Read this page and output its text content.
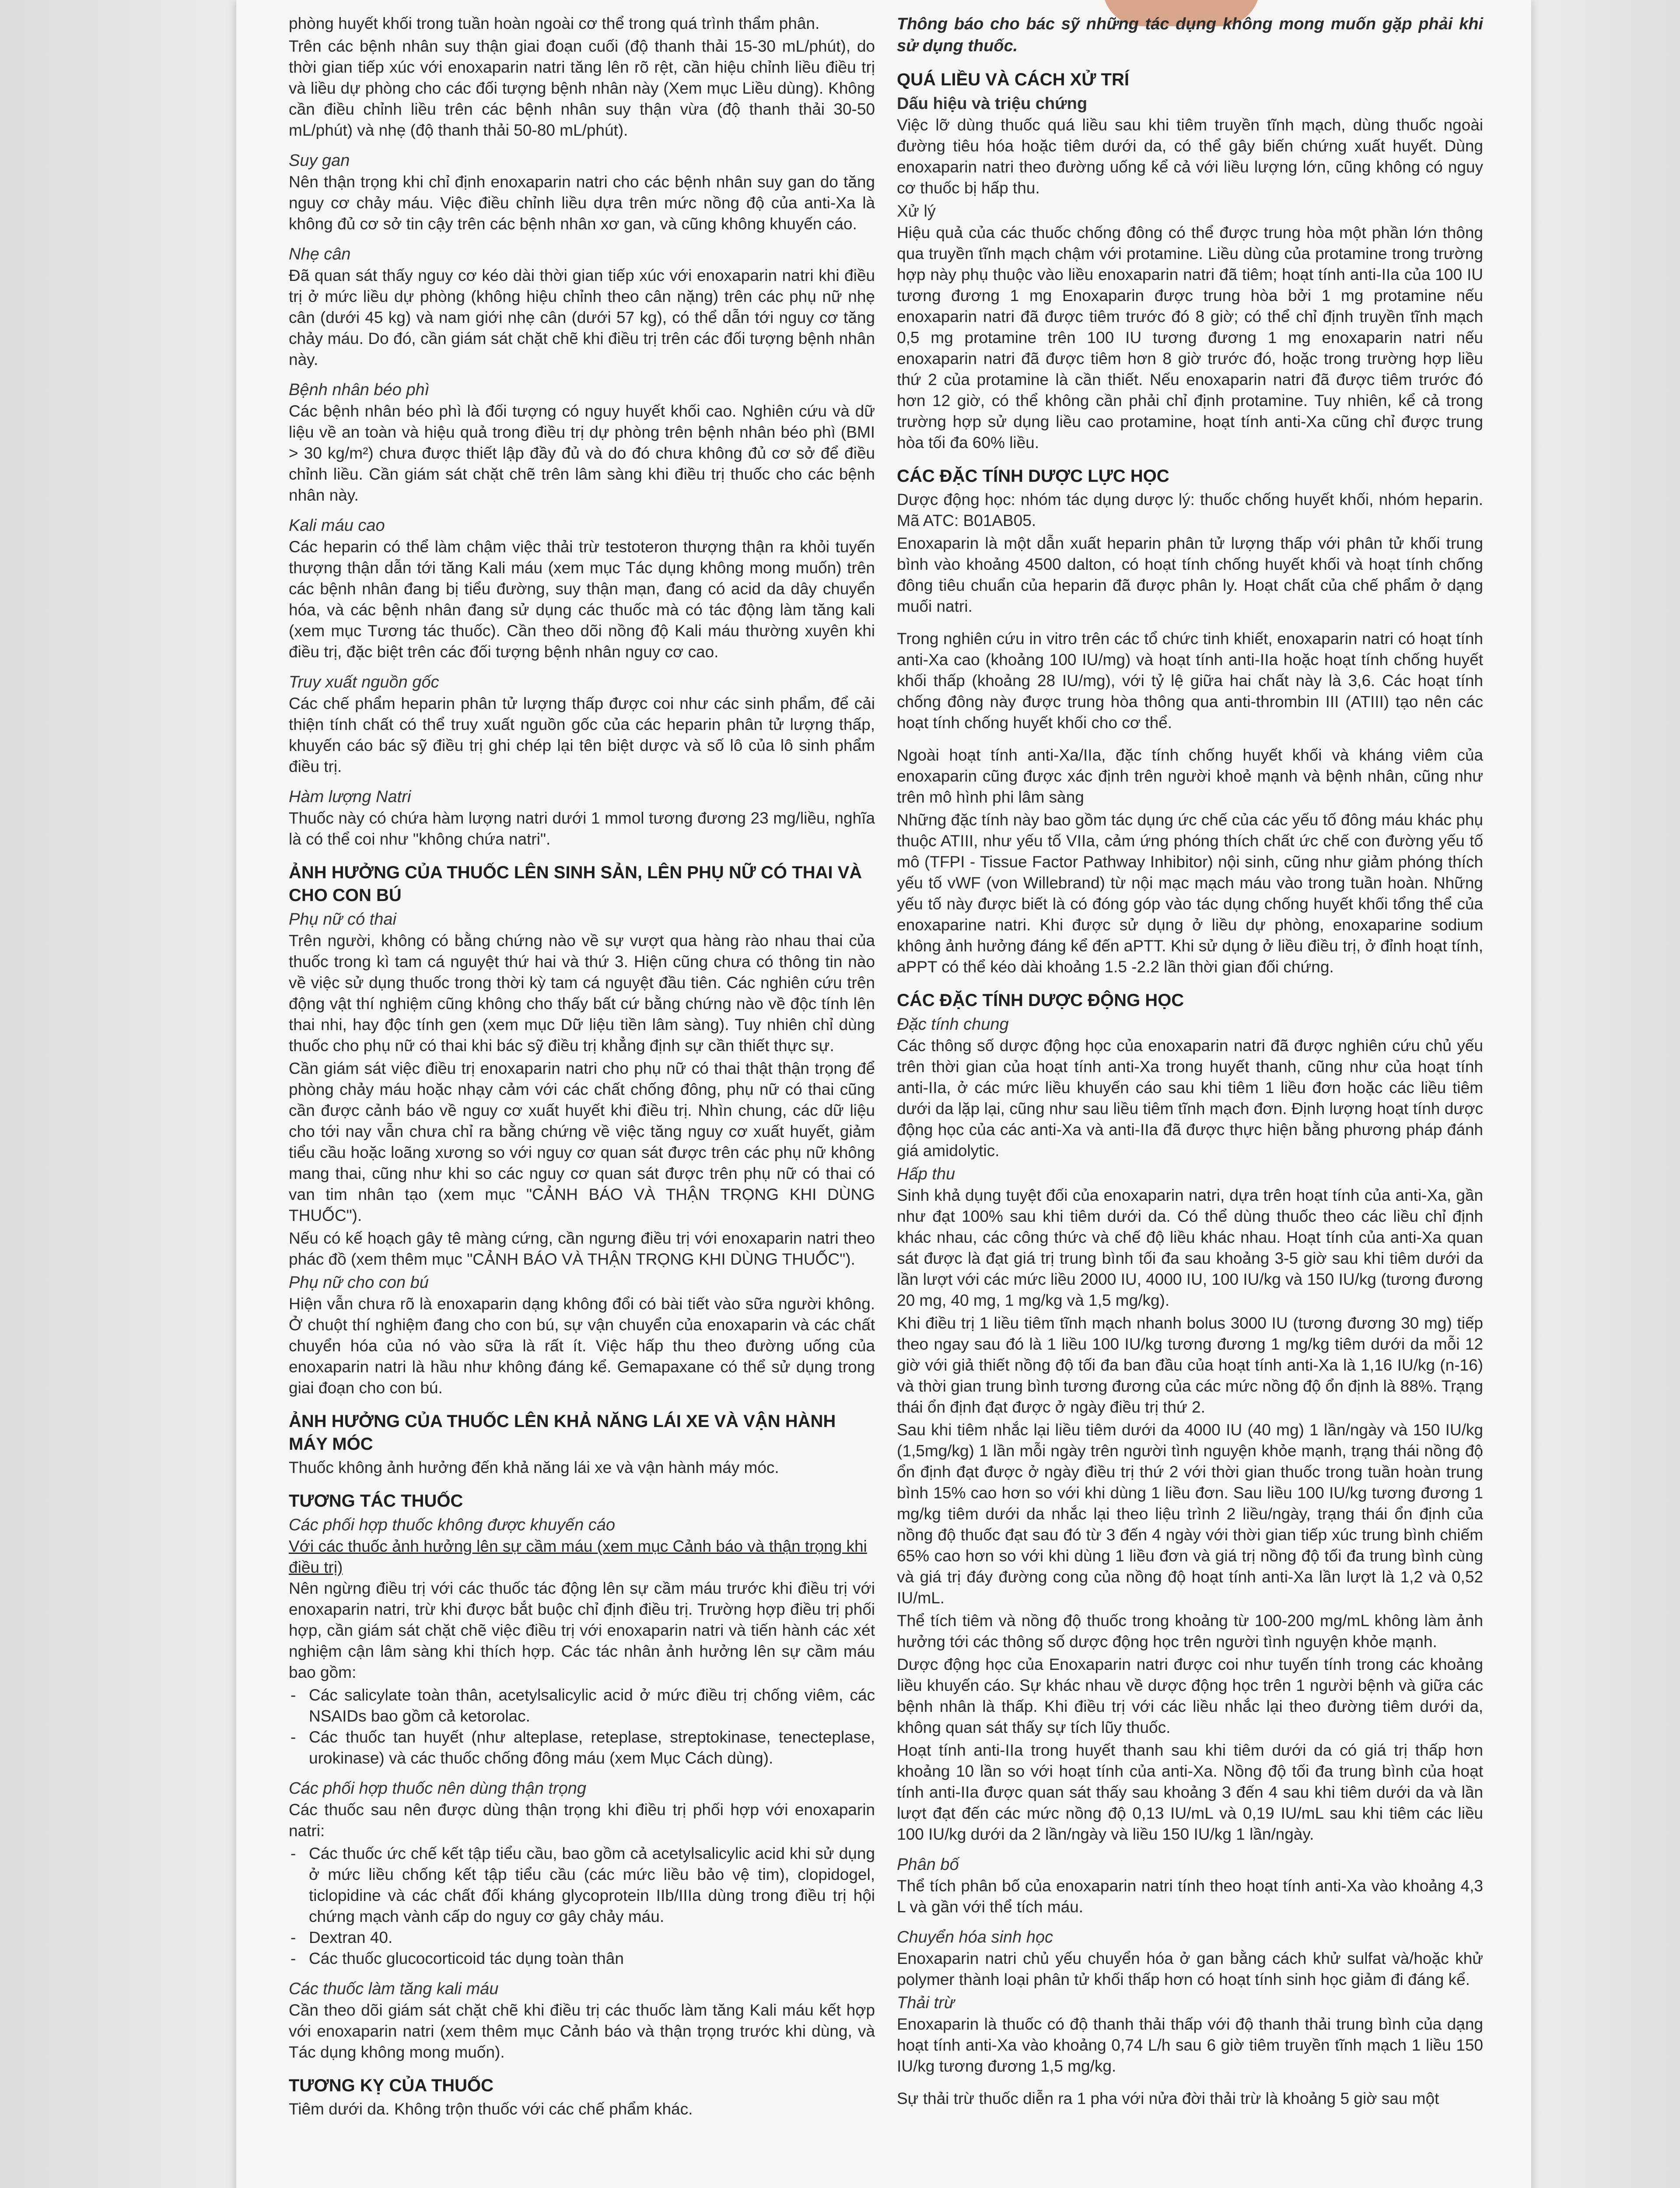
phòng huyết khối trong tuần hoàn ngoài cơ thể trong quá trình thẩm phân.

Trên các bệnh nhân suy thận giai đoạn cuối (độ thanh thải 15-30 mL/phút), do thời gian tiếp xúc với enoxaparin natri tăng lên rõ rệt, cần hiệu chỉnh liều điều trị và liều dự phòng cho các đối tượng bệnh nhân này (Xem mục Liều dùng). Không cần điều chỉnh liều trên các bệnh nhân suy thận vừa (độ thanh thải 30-50 mL/phút) và nhẹ (độ thanh thải 50-80 mL/phút).

Suy gan

Nên thận trọng khi chỉ định enoxaparin natri cho các bệnh nhân suy gan do tăng nguy cơ chảy máu. Việc điều chỉnh liều dựa trên mức nồng độ của anti-Xa là không đủ cơ sở tin cậy trên các bệnh nhân xơ gan, và cũng không khuyến cáo.

Nhẹ cân

Đã quan sát thấy nguy cơ kéo dài thời gian tiếp xúc với enoxaparin natri khi điều trị ở mức liều dự phòng (không hiệu chỉnh theo cân nặng) trên các phụ nữ nhẹ cân (dưới 45 kg) và nam giới nhẹ cân (dưới 57 kg), có thể dẫn tới nguy cơ tăng chảy máu. Do đó, cần giám sát chặt chẽ khi điều trị trên các đối tượng bệnh nhân này.

Bệnh nhân béo phì

Các bệnh nhân béo phì là đối tượng có nguy huyết khối cao. Nghiên cứu và dữ liệu về an toàn và hiệu quả trong điều trị dự phòng trên bệnh nhân béo phì (BMI > 30 kg/m²) chưa được thiết lập đầy đủ và do đó chưa không đủ cơ sở để điều chỉnh liều. Cần giám sát chặt chẽ trên lâm sàng khi điều trị thuốc cho các bệnh nhân này.

Kali máu cao

Các heparin có thể làm chậm việc thải trừ testoteron thượng thận ra khỏi tuyến thượng thận dẫn tới tăng Kali máu (xem mục Tác dụng không mong muốn) trên các bệnh nhân đang bị tiểu đường, suy thận mạn, đang có acid da dây chuyển hóa, và các bệnh nhân đang sử dụng các thuốc mà có tác động làm tăng kali (xem mục Tương tác thuốc). Cần theo dõi nồng độ Kali máu thường xuyên khi điều trị, đặc biệt trên các đối tượng bệnh nhân nguy cơ cao.

Truy xuất nguồn gốc

Các chế phẩm heparin phân tử lượng thấp được coi như các sinh phẩm, để cải thiện tính chất có thể truy xuất nguồn gốc của các heparin phân tử lượng thấp, khuyến cáo bác sỹ điều trị ghi chép lại tên biệt dược và số lô của lô sinh phẩm điều trị.

Hàm lượng Natri

Thuốc này có chứa hàm lượng natri dưới 1 mmol tương đương 23 mg/liều, nghĩa là có thể coi như "không chứa natri".

ẢNH HƯỞNG CỦA THUỐC LÊN SINH SẢN, LÊN PHỤ NỮ CÓ THAI VÀ CHO CON BÚ
Phụ nữ có thai

Trên người, không có bằng chứng nào về sự vượt qua hàng rào nhau thai của thuốc trong kì tam cá nguyệt thứ hai và thứ 3. Hiện cũng chưa có thông tin nào về việc sử dụng thuốc trong thời kỳ tam cá nguyệt đầu tiên. Các nghiên cứu trên động vật thí nghiệm cũng không cho thấy bất cứ bằng chứng nào về độc tính lên thai nhi, hay độc tính gen (xem mục Dữ liệu tiền lâm sàng). Tuy nhiên chỉ dùng thuốc cho phụ nữ có thai khi bác sỹ điều trị khẳng định sự cần thiết thực sự.

Cần giám sát việc điều trị enoxaparin natri cho phụ nữ có thai thật thận trọng để phòng chảy máu hoặc nhạy cảm với các chất chống đông, phụ nữ có thai cũng cần được cảnh báo về nguy cơ xuất huyết khi điều trị. Nhìn chung, các dữ liệu cho tới nay vẫn chưa chỉ ra bằng chứng về việc tăng nguy cơ xuất huyết, giảm tiểu cầu hoặc loãng xương so với nguy cơ quan sát được trên các phụ nữ không mang thai, cũng như khi so các nguy cơ quan sát được trên phụ nữ có thai có van tim nhân tạo (xem mục "CẢNH BÁO VÀ THẬN TRỌNG KHI DÙNG THUỐC").

Nếu có kế hoạch gây tê màng cứng, cần ngưng điều trị với enoxaparin natri theo phác đồ (xem thêm mục "CẢNH BÁO VÀ THẬN TRỌNG KHI DÙNG THUỐC").

Phụ nữ cho con bú

Hiện vẫn chưa rõ là enoxaparin dạng không đổi có bài tiết vào sữa người không. Ở chuột thí nghiệm đang cho con bú, sự vận chuyển của enoxaparin và các chất chuyển hóa của nó vào sữa là rất ít. Việc hấp thu theo đường uống của enoxaparin natri là hầu như không đáng kể. Gemapaxane có thể sử dụng trong giai đoạn cho con bú.

ẢNH HƯỞNG CỦA THUỐC LÊN KHẢ NĂNG LÁI XE VÀ VẬN HÀNH MÁY MÓC

Thuốc không ảnh hưởng đến khả năng lái xe và vận hành máy móc.

TƯƠNG TÁC THUỐC
Các phối hợp thuốc không được khuyến cáo
Với các thuốc ảnh hưởng lên sự cầm máu (xem mục Cảnh báo và thận trọng khi điều trị)

Nên ngừng điều trị với các thuốc tác động lên sự cầm máu trước khi điều trị với enoxaparin natri, trừ khi được bắt buộc chỉ định điều trị. Trường hợp điều trị phối hợp, cần giám sát chặt chẽ việc điều trị với enoxaparin natri và tiến hành các xét nghiệm cận lâm sàng khi thích hợp. Các tác nhân ảnh hưởng lên sự cầm máu bao gồm:

- Các salicylate toàn thân, acetylsalicylic acid ở mức điều trị chống viêm, các NSAIDs bao gồm cả ketorolac.
- Các thuốc tan huyết (như alteplase, reteplase, streptokinase, tenecteplase, urokinase) và các thuốc chống đông máu (xem Mục Cách dùng).
Các phối hợp thuốc nên dùng thận trọng

Các thuốc sau nên được dùng thận trọng khi điều trị phối hợp với enoxaparin natri:

- Các thuốc ức chế kết tập tiểu cầu, bao gồm cả acetylsalicylic acid khi sử dụng ở mức liều chống kết tập tiểu cầu (các mức liều bảo vệ tim), clopidogel, ticlopidine và các chất đối kháng glycoprotein IIb/IIIa dùng trong điều trị hội chứng mạch vành cấp do nguy cơ gây chảy máu.
- Dextran 40.
- Các thuốc glucocorticoid tác dụng toàn thân
Các thuốc làm tăng kali máu

Cần theo dõi giám sát chặt chẽ khi điều trị các thuốc làm tăng Kali máu kết hợp với enoxaparin natri (xem thêm mục Cảnh báo và thận trọng trước khi dùng, và Tác dụng không mong muốn).

TƯƠNG KỴ CỦA THUỐC

Tiêm dưới da. Không trộn thuốc với các chế phẩm khác.

Thông báo cho bác sỹ những tác dụng không mong muốn gặp phải khi sử dụng thuốc.

QUÁ LIỀU VÀ CÁCH XỬ TRÍ
Dấu hiệu và triệu chứng

Việc lỡ dùng thuốc quá liều sau khi tiêm truyền tĩnh mạch, dùng thuốc ngoài đường tiêu hóa hoặc tiêm dưới da, có thể gây biến chứng xuất huyết. Dùng enoxaparin natri theo đường uống kể cả với liều lượng lớn, cũng không có nguy cơ thuốc bị hấp thu.

Xử lý

Hiệu quả của các thuốc chống đông có thể được trung hòa một phần lớn thông qua truyền tĩnh mạch chậm với protamine. Liều dùng của protamine trong trường hợp này phụ thuộc vào liều enoxaparin natri đã tiêm; hoạt tính anti-IIa của 100 IU tương đương 1 mg Enoxaparin được trung hòa bởi 1 mg protamine nếu enoxaparin natri đã được tiêm trước đó 8 giờ; có thể chỉ định truyền tĩnh mạch 0,5 mg protamine trên 100 IU tương đương 1 mg enoxaparin natri nếu enoxaparin natri đã được tiêm hơn 8 giờ trước đó, hoặc trong trường hợp liều thứ 2 của protamine là cần thiết. Nếu enoxaparin natri đã được tiêm trước đó hơn 12 giờ, có thể không cần phải chỉ định protamine. Tuy nhiên, kể cả trong trường hợp sử dụng liều cao protamine, hoạt tính anti-Xa cũng chỉ được trung hòa tối đa 60% liều.

CÁC ĐẶC TÍNH DƯỢC LỰC HỌC

Dược động học: nhóm tác dụng dược lý: thuốc chống huyết khối, nhóm heparin. Mã ATC: B01AB05.

Enoxaparin là một dẫn xuất heparin phân tử lượng thấp với phân tử khối trung bình vào khoảng 4500 dalton, có hoạt tính chống huyết khối và hoạt tính chống đông tiêu chuẩn của heparin đã được phân ly. Hoạt chất của chế phẩm ở dạng muối natri.

Trong nghiên cứu in vitro trên các tổ chức tinh khiết, enoxaparin natri có hoạt tính anti-Xa cao (khoảng 100 IU/mg) và hoạt tính anti-IIa hoặc hoạt tính chống huyết khối thấp (khoảng 28 IU/mg), với tỷ lệ giữa hai chất này là 3,6. Các hoạt tính chống đông này được trung hòa thông qua anti-thrombin III (ATIII) tạo nên các hoạt tính chống huyết khối cho cơ thể.

Ngoài hoạt tính anti-Xa/IIa, đặc tính chống huyết khối và kháng viêm của enoxaparin cũng được xác định trên người khoẻ mạnh và bệnh nhân, cũng như trên mô hình phi lâm sàng

Những đặc tính này bao gồm tác dụng ức chế của các yếu tố đông máu khác phụ thuộc ATIII, như yếu tố VIIa, cảm ứng phóng thích chất ức chế con đường yếu tố mô (TFPI - Tissue Factor Pathway Inhibitor) nội sinh, cũng như giảm phóng thích yếu tố vWF (von Willebrand) từ nội mạc mạch máu vào trong tuần hoàn. Những yếu tố này được biết là có đóng góp vào tác dụng chống huyết khối tổng thể của enoxaparine natri. Khi được sử dụng ở liều dự phòng, enoxaparine sodium không ảnh hưởng đáng kể đến aPTT. Khi sử dụng ở liều điều trị, ở đỉnh hoạt tính, aPPT có thể kéo dài khoảng 1.5 -2.2 lần thời gian đối chứng.

CÁC ĐẶC TÍNH DƯỢC ĐỘNG HỌC
Đặc tính chung

Các thông số dược động học của enoxaparin natri đã được nghiên cứu chủ yếu trên thời gian của hoạt tính anti-Xa trong huyết thanh, cũng như của hoạt tính anti-IIa, ở các mức liều khuyến cáo sau khi tiêm 1 liều đơn hoặc các liều tiêm dưới da lặp lại, cũng như sau liều tiêm tĩnh mạch đơn. Định lượng hoạt tính dược động học của các anti-Xa và anti-IIa đã được thực hiện bằng phương pháp đánh giá amidolytic.

Hấp thu

Sinh khả dụng tuyệt đối của enoxaparin natri, dựa trên hoạt tính của anti-Xa, gần như đạt 100% sau khi tiêm dưới da. Có thể dùng thuốc theo các liều chỉ định khác nhau, các công thức và chế độ liều khác nhau. Hoạt tính của anti-Xa quan sát được là đạt giá trị trung bình tối đa sau khoảng 3-5 giờ sau khi tiêm dưới da lần lượt với các mức liều 2000 IU, 4000 IU, 100 IU/kg và 150 IU/kg (tương đương 20 mg, 40 mg, 1 mg/kg và 1,5 mg/kg).

Khi điều trị 1 liều tiêm tĩnh mạch nhanh bolus 3000 IU (tương đương 30 mg) tiếp theo ngay sau đó là 1 liều 100 IU/kg tương đương 1 mg/kg tiêm dưới da mỗi 12 giờ với giả thiết nồng độ tối đa ban đầu của hoạt tính anti-Xa là 1,16 IU/kg (n-16) và thời gian trung bình tương đương của các mức nồng độ ổn định là 88%. Trạng thái ổn định đạt được ở ngày điều trị thứ 2.

Sau khi tiêm nhắc lại liều tiêm dưới da 4000 IU (40 mg) 1 lần/ngày và 150 IU/kg (1,5mg/kg) 1 lần mỗi ngày trên người tình nguyện khỏe mạnh, trạng thái nồng độ ổn định đạt được ở ngày điều trị thứ 2 với thời gian thuốc trong tuần hoàn trung bình 15% cao hơn so với khi dùng 1 liều đơn. Sau liều 100 IU/kg tương đương 1 mg/kg tiêm dưới da nhắc lại theo liệu trình 2 liều/ngày, trạng thái ổn định của nồng độ thuốc đạt sau đó từ 3 đến 4 ngày với thời gian tiếp xúc trung bình chiếm 65% cao hơn so với khi dùng 1 liều đơn và giá trị nồng độ tối đa trung bình cùng và giá trị đáy đường cong của nồng độ hoạt tính anti-Xa lần lượt là 1,2 và 0,52 IU/mL.

Thể tích tiêm và nồng độ thuốc trong khoảng từ 100-200 mg/mL không làm ảnh hưởng tới các thông số dược động học trên người tình nguyện khỏe mạnh.

Dược động học của Enoxaparin natri được coi như tuyến tính trong các khoảng liều khuyến cáo. Sự khác nhau về dược động học trên 1 người bệnh và giữa các bệnh nhân là thấp. Khi điều trị với các liều nhắc lại theo đường tiêm dưới da, không quan sát thấy sự tích lũy thuốc.

Hoạt tính anti-IIa trong huyết thanh sau khi tiêm dưới da có giá trị thấp hơn khoảng 10 lần so với hoạt tính của anti-Xa. Nồng độ tối đa trung bình của hoạt tính anti-IIa được quan sát thấy sau khoảng 3 đến 4 sau khi tiêm dưới da và lần lượt đạt đến các mức nồng độ 0,13 IU/mL và 0,19 IU/mL sau khi tiêm các liều 100 IU/kg dưới da 2 lần/ngày và liều 150 IU/kg 1 lần/ngày.

Phân bố

Thể tích phân bố của enoxaparin natri tính theo hoạt tính anti-Xa vào khoảng 4,3 L và gần với thể tích máu.

Chuyển hóa sinh học

Enoxaparin natri chủ yếu chuyển hóa ở gan bằng cách khử sulfat và/hoặc khử polymer thành loại phân tử khối thấp hơn có hoạt tính sinh học giảm đi đáng kể.

Thải trừ

Enoxaparin là thuốc có độ thanh thải thấp với độ thanh thải trung bình của dạng hoạt tính anti-Xa vào khoảng 0,74 L/h sau 6 giờ tiêm truyền tĩnh mạch 1 liều 150 IU/kg tương đương 1,5 mg/kg.

Sự thải trừ thuốc diễn ra 1 pha với nửa đời thải trừ là khoảng 5 giờ sau một
